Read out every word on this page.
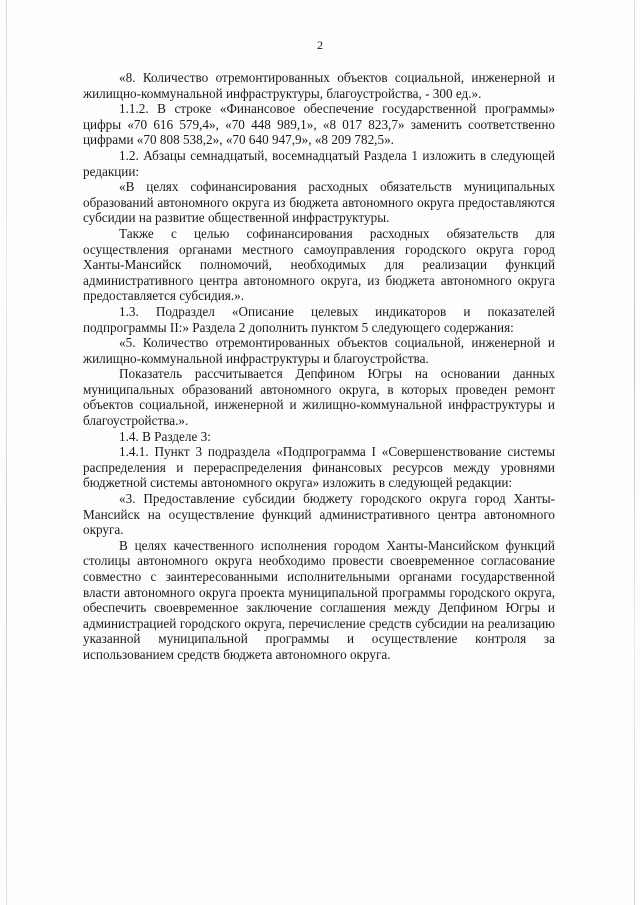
2

«8. Количество отремонтированных объектов социальной, инженерной и жилищно-коммунальной инфраструктуры, благоустройства, - 300 ед.».

1.1.2. В строке «Финансовое обеспечение государственной программы» цифры «70 616 579,4», «70 448 989,1», «8 017 823,7» заменить соответственно цифрами «70 808 538,2», «70 640 947,9», «8 209 782,5».

1.2. Абзацы семнадцатый, восемнадцатый Раздела 1 изложить в следующей редакции:

«В целях софинансирования расходных обязательств муниципальных образований автономного округа из бюджета автономного округа предоставляются субсидии на развитие общественной инфраструктуры.

Также с целью софинансирования расходных обязательств для осуществления органами местного самоуправления городского округа город Ханты-Мансийск полномочий, необходимых для реализации функций административного центра автономного округа, из бюджета автономного округа предоставляется субсидия.».

1.3. Подраздел «Описание целевых индикаторов и показателей подпрограммы II:» Раздела 2 дополнить пунктом 5 следующего содержания:

«5. Количество отремонтированных объектов социальной, инженерной и жилищно-коммунальной инфраструктуры и благоустройства.

Показатель рассчитывается Депфином Югры на основании данных муниципальных образований автономного округа, в которых проведен ремонт объектов социальной, инженерной и жилищно-коммунальной инфраструктуры и благоустройства.».

1.4. В Разделе 3:

1.4.1. Пункт 3 подраздела «Подпрограмма I «Совершенствование системы распределения и перераспределения финансовых ресурсов между уровнями бюджетной системы автономного округа» изложить в следующей редакции:

«3. Предоставление субсидии бюджету городского округа город Ханты-Мансийск на осуществление функций административного центра автономного округа.

В целях качественного исполнения городом Ханты-Мансийском функций столицы автономного округа необходимо провести своевременное согласование совместно с заинтересованными исполнительными органами государственной власти автономного округа проекта муниципальной программы городского округа, обеспечить своевременное заключение соглашения между Депфином Югры и администрацией городского округа, перечисление средств субсидии на реализацию указанной муниципальной программы и осуществление контроля за использованием средств бюджета автономного округа.
